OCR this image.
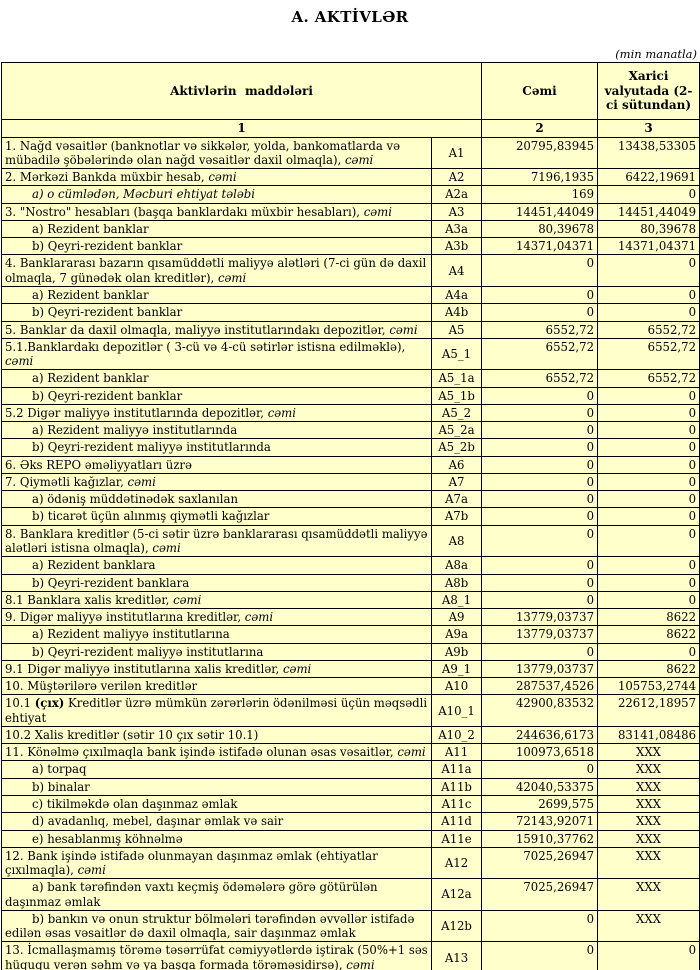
A. AKTİVLƏR
(min manatla)
Aktivlərin  maddələri		Cəmi	Xarici valyutada (2-ci sütundan)
1		2	3
1. Nağd vəsaitlər (banknotlar və sikkələr, yolda, bankomatlarda və mübadilə şöbələrində olan nağd vəsaitlər daxil olmaqla), cəmi	A1	20795,83945	13438,53305
2. Mərkəzi Bankda müxbir hesab, cəmi	A2	7196,1935	6422,19691
a) o cümlədən, Məcburi ehtiyat tələbi	A2a	169	0
3. "Nostro" hesabları (başqa banklardakı müxbir hesabları), cəmi	A3	14451,44049	14451,44049
a) Rezident banklar	A3a	80,39678	80,39678
b) Qeyri-rezident banklar	A3b	14371,04371	14371,04371
4. Banklararası bazarın qısamüddətli maliyyə alətləri (7-ci gün də daxil olmaqla, 7 günədək olan kreditlər), cəmi	A4	0	0
a) Rezident banklar	A4a	0	0
b) Qeyri-rezident banklar	A4b	0	0
5. Banklar da daxil olmaqla, maliyyə institutlarındakı depozitlər, cəmi	A5	6552,72	6552,72
5.1.Banklardakı depozitlər ( 3-cü və 4-cü sətirlər istisna edilməklə), cəmi	A5_1	6552,72	6552,72
a) Rezident banklar	A5_1a	6552,72	6552,72
b) Qeyri-rezident banklar	A5_1b	0	0
5.2 Digər maliyyə institutlarında depozitlər, cəmi	A5_2	0	0
a) Rezident maliyyə institutlarında	A5_2a	0	0
b) Qeyri-rezident maliyyə institutlarında	A5_2b	0	0
6. Əks REPO əməliyyatları üzrə	A6	0	0
7. Qiymətli kağızlar, cəmi	A7	0	0
a) ödəniş müddətinədək saxlanılan	A7a	0	0
b) ticarət üçün alınmış qiymətli kağızlar	A7b	0	0
8. Banklara kreditlər (5-ci sətir üzrə banklararası qısamüddətli maliyyə alətləri istisna olmaqla), cəmi	A8	0	0
a) Rezident banklara	A8a	0	0
b) Qeyri-rezident banklara	A8b	0	0
8.1 Banklara xalis kreditlər, cəmi	A8_1	0	0
9. Digər maliyyə institutlarına kreditlər, cəmi	A9	13779,03737	8622
a) Rezident maliyyə institutlarına	A9a	13779,03737	8622
b) Qeyri-rezident maliyyə institutlarına	A9b	0	0
9.1 Digər maliyyə institutlarına xalis kreditlər, cəmi	A9_1	13779,03737	8622
10. Müştərilərə verilən kreditlər	A10	287537,4526	105753,2744
10.1 (çıx) Kreditlər üzrə mümkün zərərlərin ödənilməsi üçün məqsədli ehtiyat	A10_1	42900,83532	22612,18957
10.2 Xalis kreditlər (sətir 10 çıx sətir 10.1)	A10_2	244636,6173	83141,08486
11. Könəlmə çıxılmaqla bank işində istifadə olunan əsas vəsaitlər, cəmi	A11	100973,6518	XXX
a) torpaq	A11a	0	XXX
b) binalar	A11b	42040,53375	XXX
c) tikilməkdə olan daşınmaz əmlak	A11c	2699,575	XXX
d) avadanlıq, mebel, daşınar əmlak və sair	A11d	72143,92071	XXX
e) hesablanmış köhnəlmə	A11e	15910,37762	XXX
12. Bank işində istifadə olunmayan daşınmaz əmlak (ehtiyatlar çıxılmaqla), cəmi	A12	7025,26947	XXX
a) bank tərəfindən vaxtı keçmiş ödəmələrə görə götürülən daşınmaz əmlak	A12a	7025,26947	XXX
b) bankın və onun struktur bölmələri tərəfindən əvvəllər istifadə edilən əsas vəsaitlər də daxil olmaqla, sair daşınmaz əmlak	A12b	0	XXX
13. İcmallaşmamış törəmə təsərrüfat cəmiyyətlərdə iştirak (50%+1 səs hüququ verən səhm və ya başqa formada törəməsidirsə), cəmi	A13	0	0
